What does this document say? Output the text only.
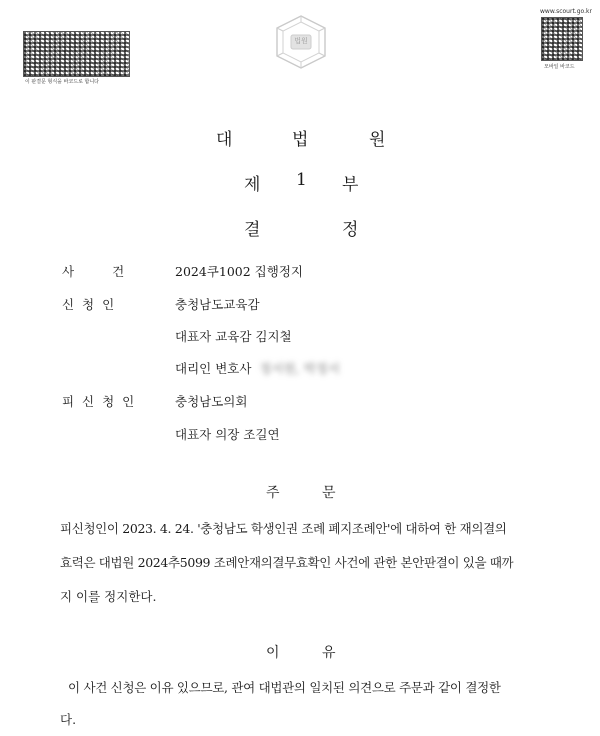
이 판결문 형식을 바코드로 합니다
법원
www.scourt.go.kr
모바일 바코드
대	법	원
제 1 부
결	정
사	건	2024쿠1002 집행정지
신 청 인	충청남도교육감
대표자 교육감 김지철
대리인 변호사 정서원, 박정서
피 신 청 인	충청남도의회
대표자 의장 조길연
주	문
피신청인이 2023. 4. 24. '충청남도 학생인권 조례 폐지조례안'에 대하여 한 재의결의
효력은 대법원 2024추5099 조례안재의결무효확인 사건에 관한 본안판결이 있을 때까
지 이를 정지한다.
이	유
이 사건 신청은 이유 있으므로, 관여 대법관의 일치된 의견으로 주문과 같이 결정한
다.
